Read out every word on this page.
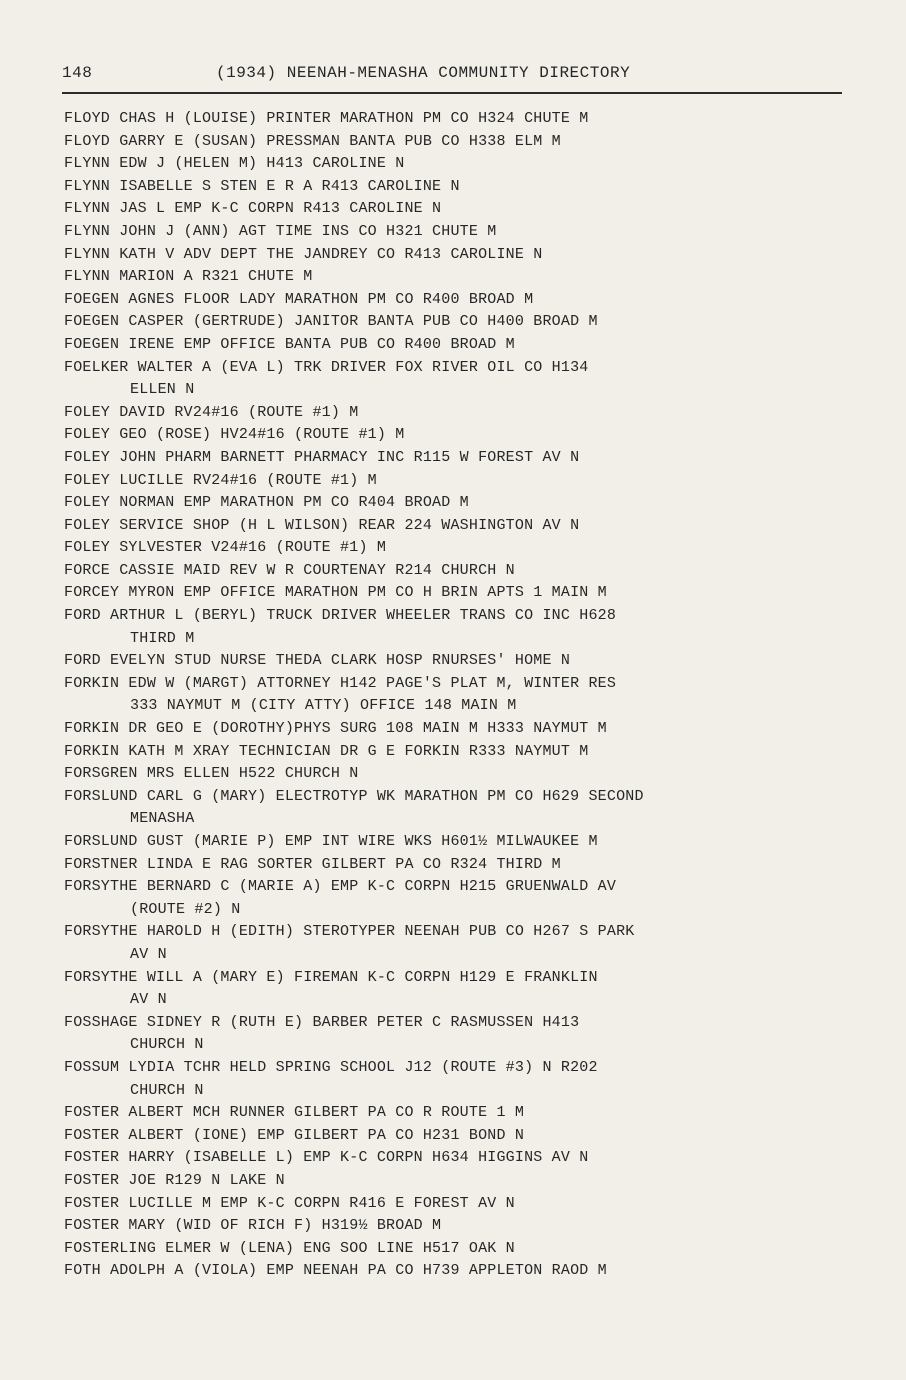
148	(1934) NEENAH-MENASHA COMMUNITY DIRECTORY
FLOYD CHAS H (LOUISE) PRINTER MARATHON PM CO H324 CHUTE M
FLOYD GARRY E (SUSAN) PRESSMAN BANTA PUB CO H338 ELM M
FLYNN EDW J (HELEN M) H413 CAROLINE N
FLYNN ISABELLE S STEN E R A R413 CAROLINE N
FLYNN JAS L EMP K-C CORPN R413 CAROLINE N
FLYNN JOHN J (ANN) AGT TIME INS CO H321 CHUTE M
FLYNN KATH V ADV DEPT THE JANDREY CO R413 CAROLINE N
FLYNN MARION A R321 CHUTE M
FOEGEN AGNES FLOOR LADY MARATHON PM CO R400 BROAD M
FOEGEN CASPER (GERTRUDE) JANITOR BANTA PUB CO H400 BROAD M
FOEGEN IRENE EMP OFFICE BANTA PUB CO R400 BROAD M
FOELKER WALTER A (EVA L) TRK DRIVER FOX RIVER OIL CO H134
ELLEN N
FOLEY DAVID RV24#16 (ROUTE #1) M
FOLEY GEO (ROSE) HV24#16 (ROUTE #1) M
FOLEY JOHN PHARM BARNETT PHARMACY INC R115 W FOREST AV N
FOLEY LUCILLE RV24#16 (ROUTE #1) M
FOLEY NORMAN EMP MARATHON PM CO R404 BROAD M
FOLEY SERVICE SHOP (H L WILSON) REAR 224 WASHINGTON AV N
FOLEY SYLVESTER V24#16 (ROUTE #1) M
FORCE CASSIE MAID REV W R COURTENAY R214 CHURCH N
FORCEY MYRON EMP OFFICE MARATHON PM CO H BRIN APTS 1 MAIN M
FORD ARTHUR L (BERYL) TRUCK DRIVER WHEELER TRANS CO INC H628
THIRD M
FORD EVELYN STUD NURSE THEDA CLARK HOSP RNURSES' HOME N
FORKIN EDW W (MARGT) ATTORNEY H142 PAGE'S PLAT M, WINTER RES
333 NAYMUT M (CITY ATTY) OFFICE 148 MAIN M
FORKIN DR GEO E (DOROTHY)PHYS SURG 108 MAIN M H333 NAYMUT M
FORKIN KATH M XRAY TECHNICIAN DR G E FORKIN R333 NAYMUT M
FORSGREN MRS ELLEN H522 CHURCH N
FORSLUND CARL G (MARY) ELECTROTYP WK MARATHON PM CO H629 SECOND
MENASHA
FORSLUND GUST (MARIE P) EMP INT WIRE WKS H601½ MILWAUKEE M
FORSTNER LINDA E RAG SORTER GILBERT PA CO R324 THIRD M
FORSYTHE BERNARD C (MARIE A) EMP K-C CORPN H215 GRUENWALD AV
(ROUTE #2) N
FORSYTHE HAROLD H (EDITH) STEROTYPER NEENAH PUB CO H267 S PARK
AV N
FORSYTHE WILL A (MARY E) FIREMAN K-C CORPN H129 E FRANKLIN
AV N
FOSSHAGE SIDNEY R (RUTH E) BARBER PETER C RASMUSSEN H413
CHURCH N
FOSSUM LYDIA TCHR HELD SPRING SCHOOL J12 (ROUTE #3) N R202
CHURCH N
FOSTER ALBERT MCH RUNNER GILBERT PA CO R ROUTE 1 M
FOSTER ALBERT (IONE) EMP GILBERT PA CO H231 BOND N
FOSTER HARRY (ISABELLE L) EMP K-C CORPN H634 HIGGINS AV N
FOSTER JOE R129 N LAKE N
FOSTER LUCILLE M EMP K-C CORPN R416 E FOREST AV N
FOSTER MARY (WID OF RICH F) H319½ BROAD M
FOSTERLING ELMER W (LENA) ENG SOO LINE H517 OAK N
FOTH ADOLPH A (VIOLA) EMP NEENAH PA CO H739 APPLETON RAOD M
